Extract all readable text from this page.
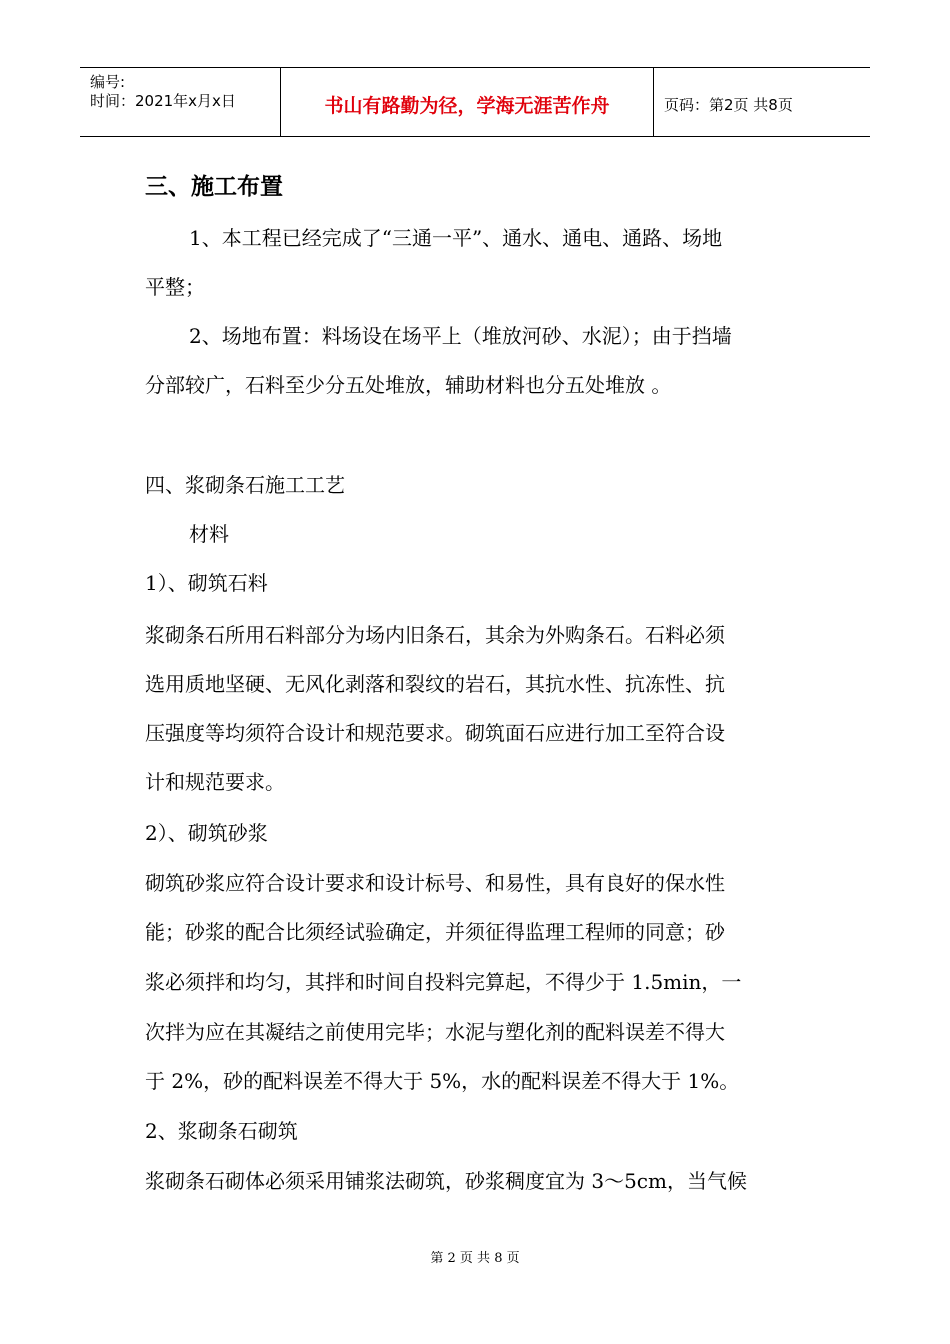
编号:
时间：2021年x月x日	书山有路勤为径，学海无涯苦作舟	页码：第2页 共8页
三、施工布置
1、本工程已经完成了“三通一平”、通水、通电、通路、场地
平整；
2、场地布置：料场设在场平上（堆放河砂、水泥）；由于挡墙
分部较广，石料至少分五处堆放，辅助材料也分五处堆放 。
四、浆砌条石施工工艺
材料
1）、砌筑石料
浆砌条石所用石料部分为场内旧条石，其余为外购条石。石料必须
选用质地坚硬、无风化剥落和裂纹的岩石，其抗水性、抗冻性、抗
压强度等均须符合设计和规范要求。砌筑面石应进行加工至符合设
计和规范要求。
2）、砌筑砂浆
砌筑砂浆应符合设计要求和设计标号、和易性，具有良好的保水性
能；砂浆的配合比须经试验确定，并须征得监理工程师的同意；砂
浆必须拌和均匀，其拌和时间自投料完算起，不得少于 1.5min，一
次拌为应在其凝结之前使用完毕；水泥与塑化剂的配料误差不得大
于 2%，砂的配料误差不得大于 5%，水的配料误差不得大于 1%。
2、浆砌条石砌筑
浆砌条石砌体必须采用铺浆法砌筑，砂浆稠度宜为 3～5cm，当气候
第 2 页 共 8 页
